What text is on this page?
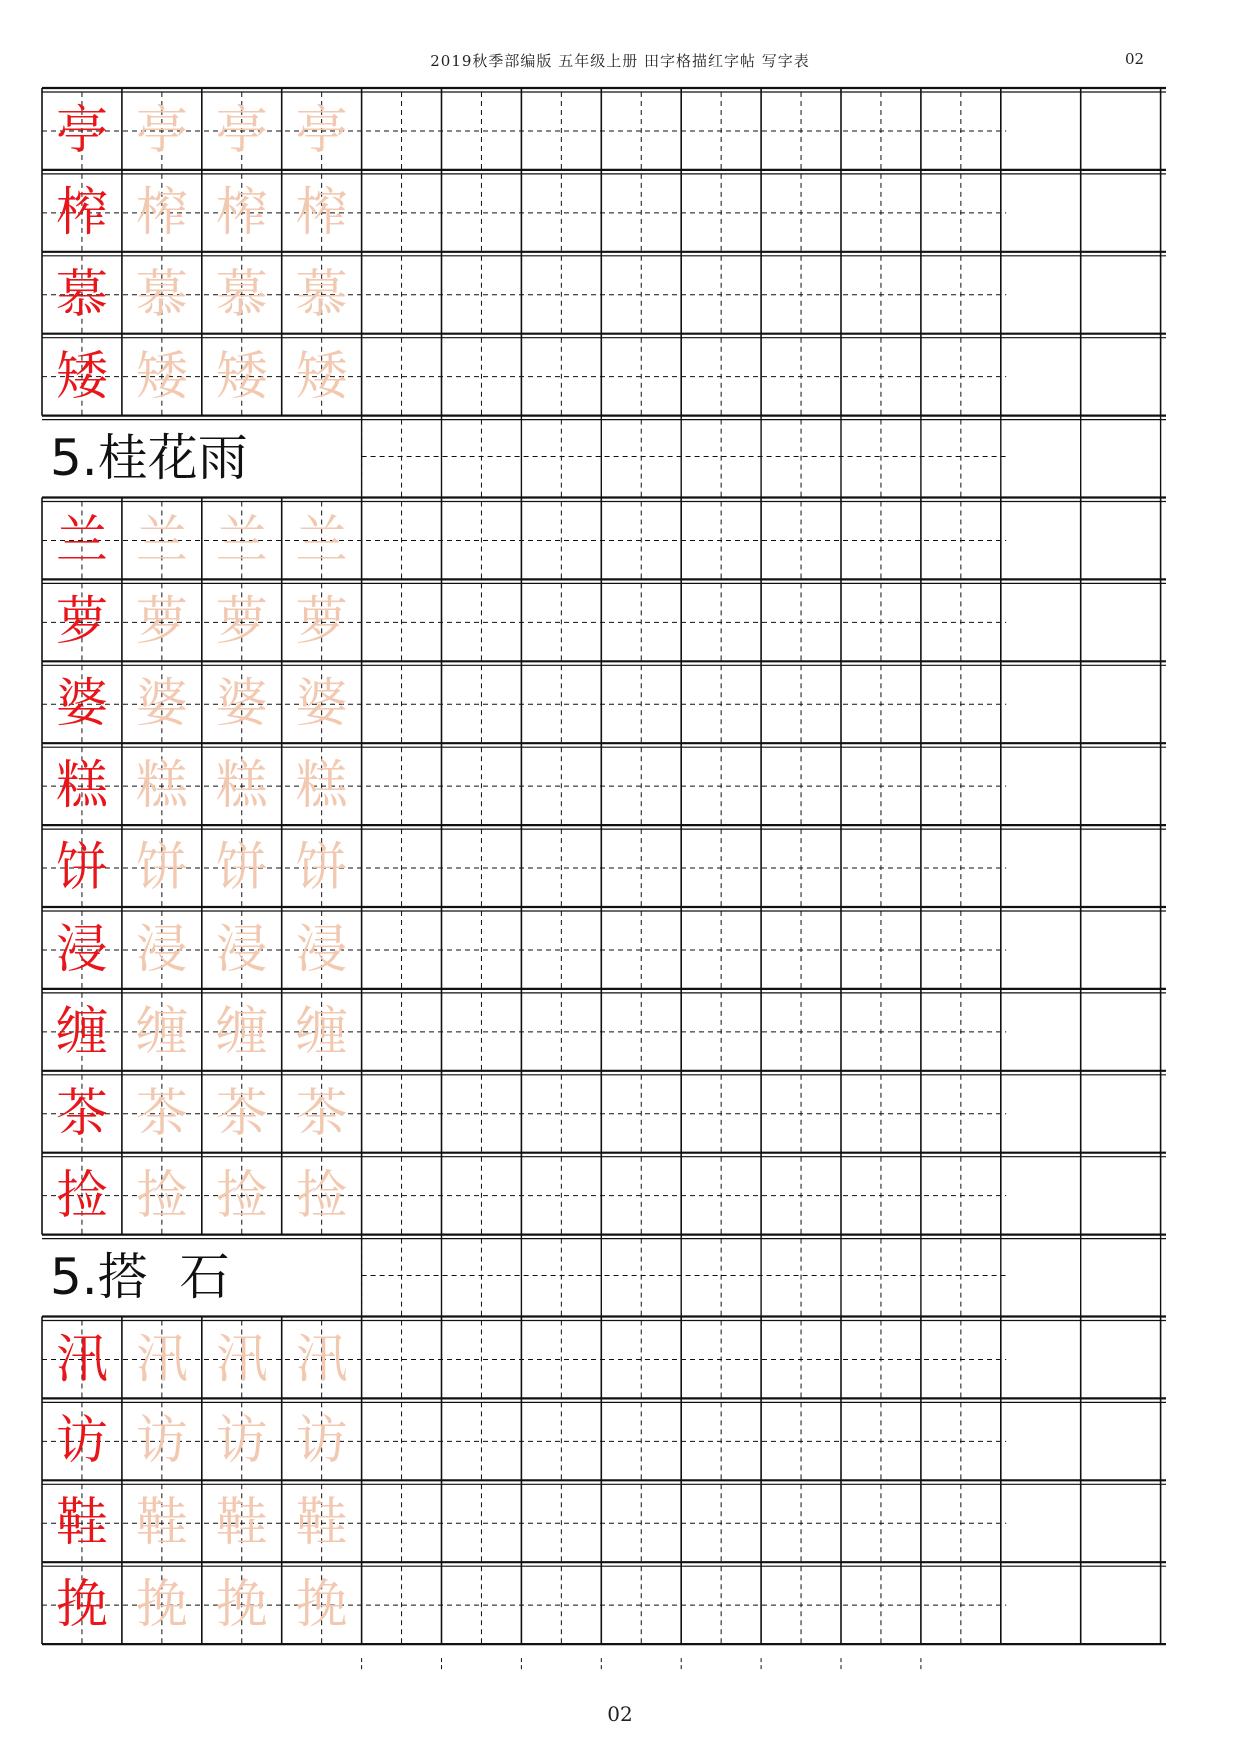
2019秋季部编版 五年级上册 田字格描红字帖 写字表	02
亭 亭 亭 亭
榨 榨 榨 榨
慕 慕 慕 慕
矮 矮 矮 矮
5.桂花雨
兰 兰 兰 兰
萝 萝 萝 萝
婆 婆 婆 婆
糕 糕 糕 糕
饼 饼 饼 饼
浸 浸 浸 浸
缠 缠 缠 缠
茶 茶 茶 茶
捡 捡 捡 捡
5.搭  石
汛 汛 汛 汛
访 访 访 访
鞋 鞋 鞋 鞋
挽 挽 挽 挽
02
